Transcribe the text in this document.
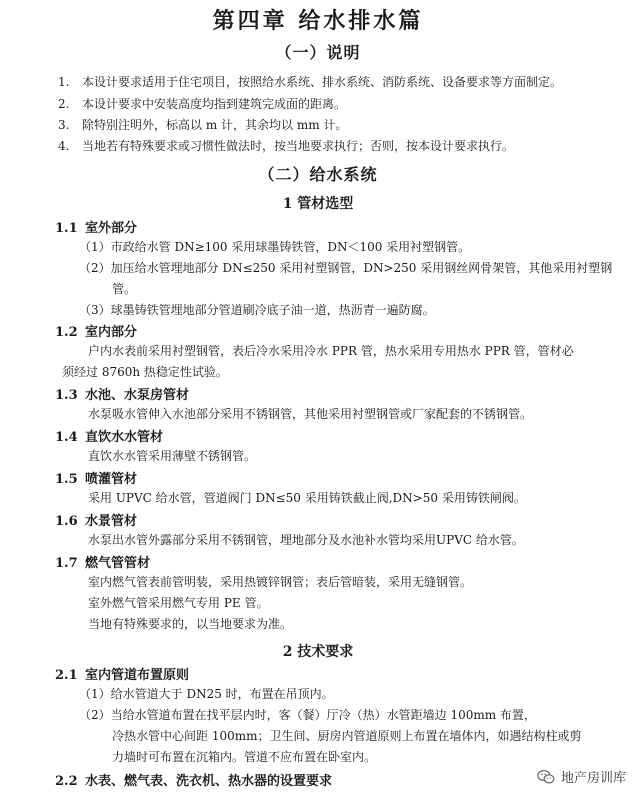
第四章 给水排水篇
（一）说明
1. 本设计要求适用于住宅项目，按照给水系统、排水系统、消防系统、设备要求等方面制定。
2. 本设计要求中安装高度均指到建筑完成面的距离。
3. 除特别注明外，标高以 m 计，其余均以 mm 计。
4. 当地若有特殊要求或习惯性做法时，按当地要求执行；否则，按本设计要求执行。
（二）给水系统
1 管材选型
1.1 室外部分
（1）市政给水管 DN≥100 采用球墨铸铁管，DN＜100 采用衬塑钢管。
（2）加压给水管埋地部分 DN≤250 采用衬塑钢管，DN>250 采用钢丝网骨架管，其他采用衬塑钢
管。
（3）球墨铸铁管埋地部分管道刷冷底子油一道，热沥青一遍防腐。
1.2 室内部分
户内水表前采用衬塑钢管，表后冷水采用冷水 PPR 管，热水采用专用热水 PPR 管，管材必
须经过 8760h 热稳定性试验。
1.3 水池、水泵房管材
水泵吸水管伸入水池部分采用不锈钢管，其他采用衬塑钢管或厂家配套的不锈钢管。
1.4 直饮水水管材
直饮水水管采用薄壁不锈钢管。
1.5 喷灌管材
采用 UPVC 给水管，管道阀门 DN≤50 采用铸铁截止阀,DN>50 采用铸铁闸阀。
1.6 水景管材
水泵出水管外露部分采用不锈钢管，埋地部分及水池补水管均采用UPVC 给水管。
1.7 燃气管管材
室内燃气管表前管明装，采用热镀锌钢管；表后管暗装，采用无缝钢管。
室外燃气管采用燃气专用 PE 管。
当地有特殊要求的，以当地要求为准。
2 技术要求
2.1 室内管道布置原则
（1）给水管道大于 DN25 时，布置在吊顶内。
（2）当给水管道布置在找平层内时，客（餐）厅冷（热）水管距墙边 100mm 布置，
冷热水管中心间距 100mm；卫生间、厨房内管道原则上布置在墙体内，如遇结构柱或剪
力墙时可布置在沉箱内。管道不应布置在卧室内。
2.2 水表、燃气表、洗衣机、热水器的设置要求	地产房训库
